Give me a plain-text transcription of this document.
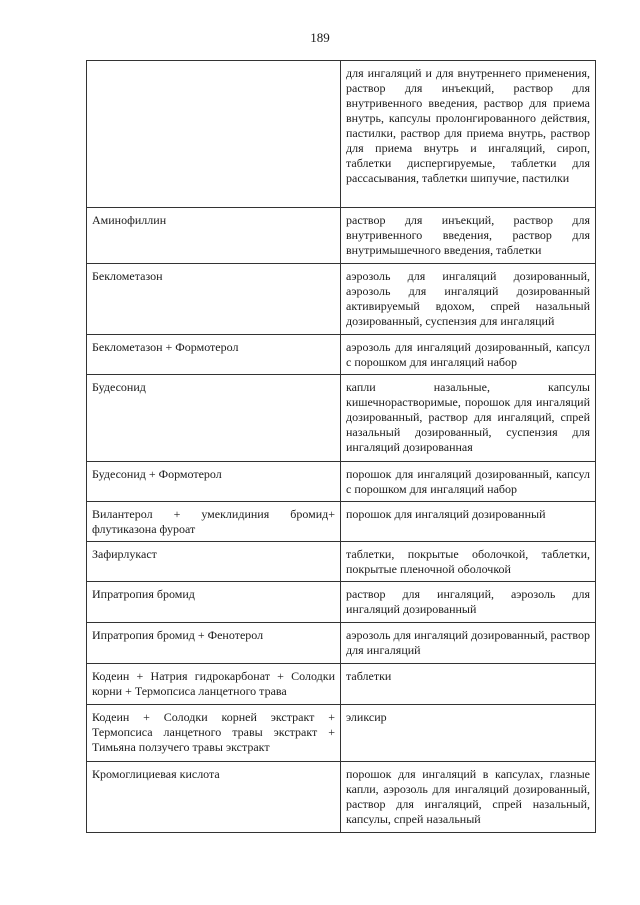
189
	для ингаляций и для внутреннего применения, раствор для инъекций, раствор для внутривенного введения, раствор для приема внутрь, капсулы пролонгированного действия, пастилки, раствор для приема внутрь, раствор для приема внутрь и ингаляций, сироп, таблетки диспергируемые, таблетки для рассасывания, таблетки шипучие, пастилки
Аминофиллин	раствор для инъекций, раствор для внутривенного введения, раствор для внутримышечного введения, таблетки
Беклометазон	аэрозоль для ингаляций дозированный, аэрозоль для ингаляций дозированный активируемый вдохом, спрей назальный дозированный, суспензия для ингаляций
Беклометазон + Формотерол	аэрозоль для ингаляций дозированный, капсул с порошком для ингаляций набор
Будесонид	капли назальные, капсулы кишечнорастворимые, порошок для ингаляций дозированный, раствор для ингаляций, спрей назальный дозированный, суспензия для ингаляций дозированная
Будесонид + Формотерол	порошок для ингаляций дозированный, капсул с порошком для ингаляций набор
Вилантерол + умеклидиния бромид+ флутиказона фуроат	порошок для ингаляций дозированный
Зафирлукаст	таблетки, покрытые оболочкой, таблетки, покрытые пленочной оболочкой
Ипратропия бромид	раствор для ингаляций, аэрозоль для ингаляций дозированный
Ипратропия бромид + Фенотерол	аэрозоль для ингаляций дозированный, раствор для ингаляций
Кодеин + Натрия гидрокарбонат + Солодки корни + Термопсиса ланцетного трава	таблетки
Кодеин + Солодки корней экстракт + Термопсиса ланцетного травы экстракт + Тимьяна ползучего травы экстракт	эликсир
Кромоглициевая кислота	порошок для ингаляций в капсулах, глазные капли, аэрозоль для ингаляций дозированный, раствор для ингаляций, спрей назальный, капсулы, спрей назальный
